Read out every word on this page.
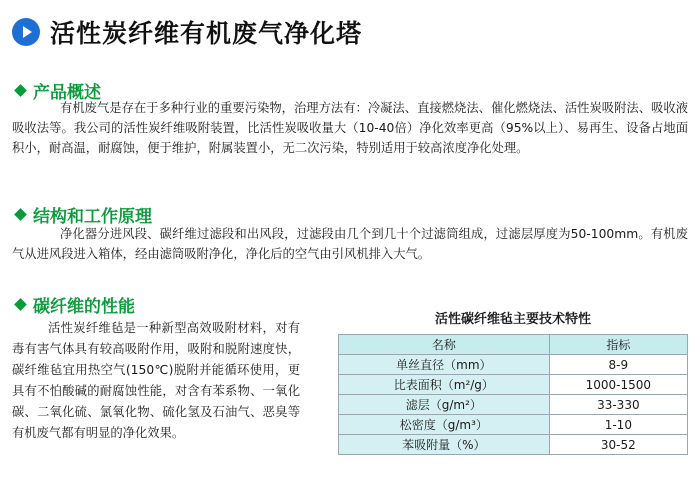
活性炭纤维有机废气净化塔
产品概述

有机废气是存在于多种行业的重要污染物，治理方法有：冷凝法、直接燃烧法、催化燃烧法、活性炭吸附法、吸收液吸收法等。我公司的活性炭纤维吸附装置，比活性炭吸收量大（10-40倍）净化效率更高（95%以上）、易再生、设备占地面积小，耐高温，耐腐蚀，便于维护，附属装置小，无二次污染，特别适用于较高浓度净化处理。

结构和工作原理

净化器分进风段、碳纤维过滤段和出风段，过滤段由几个到几十个过滤筒组成，过滤层厚度为50-100mm。有机废气从进风段进入箱体，经由滤筒吸附净化，净化后的空气由引风机排入大气。

碳纤维的性能

活性炭纤维毡是一种新型高效吸附材料，对有毒有害气体具有较高吸附作用，吸附和脱附速度快，碳纤维毡宜用热空气(150℃)脱附并能循环使用，更具有不怕酸碱的耐腐蚀性能，对含有苯系物、一氧化碳、二氧化硫、氯氧化物、硫化氢及石油气、恶臭等有机废气都有明显的净化效果。

活性碳纤维毡主要技术特性
名称	指标
单丝直径（mm）	8-9
比表面积（m²/g）	1000-1500
滤层（g/m²）	33-330
松密度（g/m³）	1-10
苯吸附量（%）	30-52
